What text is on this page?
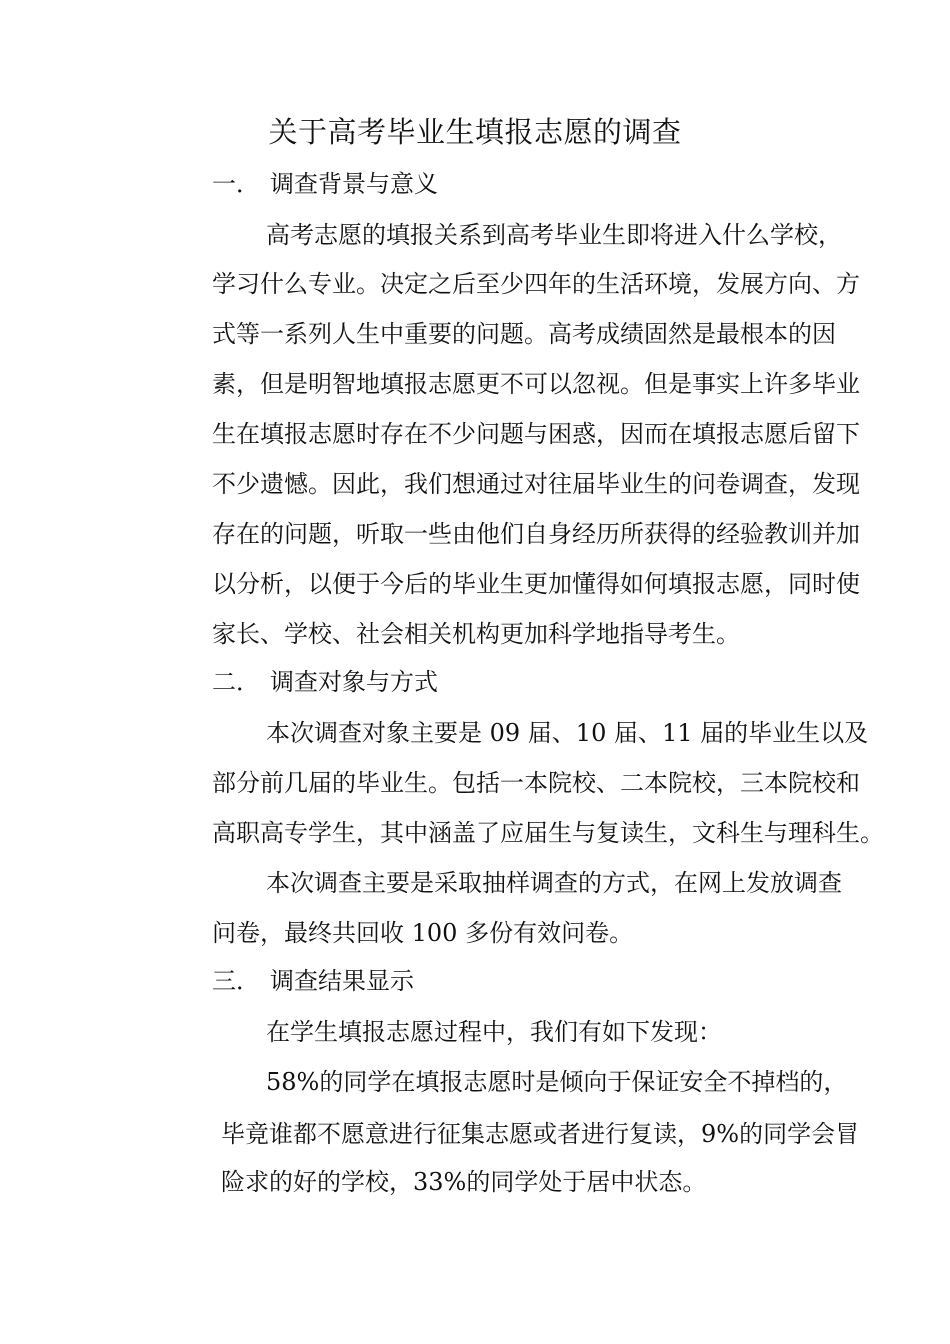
关于高考毕业生填报志愿的调查
一． 调查背景与意义
高考志愿的填报关系到高考毕业生即将进入什么学校，
学习什么专业。决定之后至少四年的生活环境，发展方向、方
式等一系列人生中重要的问题。高考成绩固然是最根本的因
素，但是明智地填报志愿更不可以忽视。但是事实上许多毕业
生在填报志愿时存在不少问题与困惑，因而在填报志愿后留下
不少遗憾。因此，我们想通过对往届毕业生的问卷调查，发现
存在的问题，听取一些由他们自身经历所获得的经验教训并加
以分析，以便于今后的毕业生更加懂得如何填报志愿，同时使
家长、学校、社会相关机构更加科学地指导考生。
二． 调查对象与方式
本次调查对象主要是 09 届、10 届、11 届的毕业生以及
部分前几届的毕业生。包括一本院校、二本院校，三本院校和
高职高专学生，其中涵盖了应届生与复读生，文科生与理科生。
本次调查主要是采取抽样调查的方式，在网上发放调查
问卷，最终共回收 100 多份有效问卷。
三． 调查结果显示
在学生填报志愿过程中，我们有如下发现：
58%的同学在填报志愿时是倾向于保证安全不掉档的，
毕竟谁都不愿意进行征集志愿或者进行复读，9%的同学会冒
险求的好的学校，33%的同学处于居中状态。
